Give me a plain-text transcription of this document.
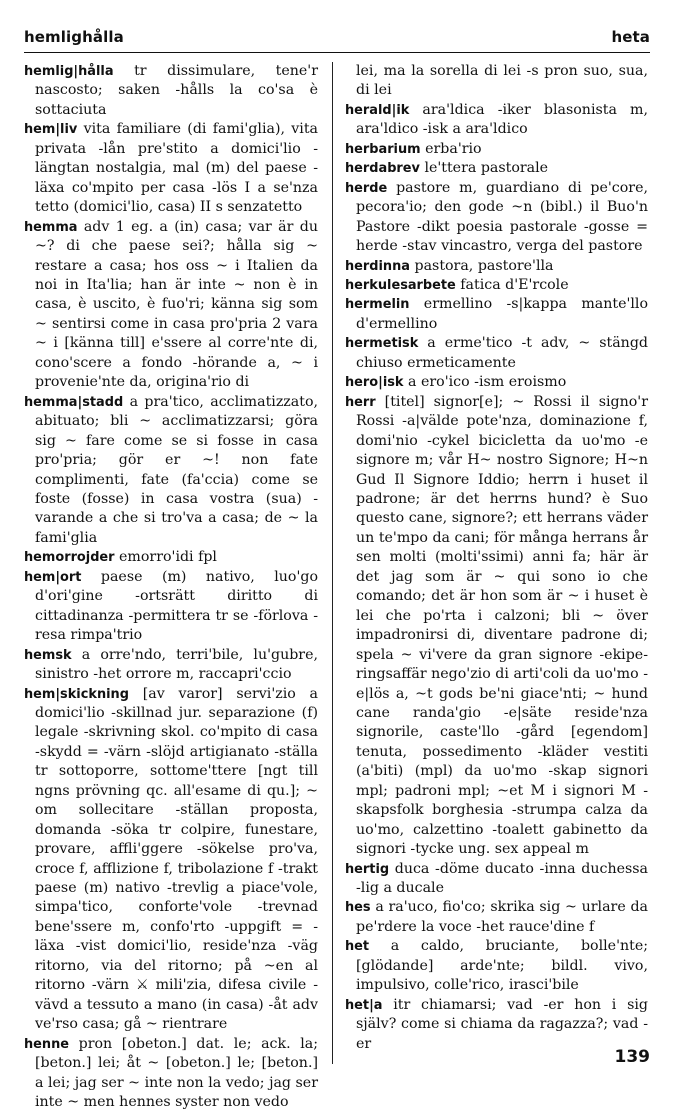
hemlighålla	heta

hemlig|hålla tr dissimulare, tene'r nascosto; saken -hålls la co'sa è sottaciuta

hem|liv vita familiare (di fami'glia), vita privata -lån pre'stito a domici'lio -längtan nostalgia, mal (m) del paese -läxa co'mpito per casa -lös I a se'nza tetto (domici'lio, casa) II s senzatetto

hemma adv 1 eg. a (in) casa; var är du ~? di che paese sei?; hålla sig ~ restare a casa; hos oss ~ i Italien da noi in Ita'lia; han är inte ~ non è in casa, è uscito, è fuo'ri; känna sig som ~ sentirsi come in casa pro'pria 2 vara ~ i [känna till] e'ssere al corre'nte di, cono'scere a fondo -hörande a, ~ i provenie'nte da, origina'rio di

hemma|stadd a pra'tico, acclimatizzato, abituato; bli ~ acclimatizzarsi; göra sig ~ fare come se si fosse in casa pro'pria; gör er ~! non fate complimenti, fate (fa'ccia) come se foste (fosse) in casa vostra (sua) -varande a che si tro'va a casa; de ~ la fami'glia

hemorrojder emorro'idi fpl

hem|ort paese (m) nativo, luo'go d'ori'gine -ortsrätt diritto di cittadinanza -permittera tr se -förlova -resa rimpa'trio

hemsk a orre'ndo, terri'bile, lu'gubre, sinistro -het orrore m, raccapri'ccio

hem|skickning [av varor] servi'zio a domici'lio -skillnad jur. separazione (f) legale -skrivning skol. co'mpito di casa -skydd = -värn -slöjd artigianato -ställa tr sottoporre, sottome'ttere [ngt till ngns prövning qc. all'esame di qu.]; ~ om sollecitare -ställan proposta, domanda -söka tr colpire, funestare, provare, affli'ggere -sökelse pro'va, croce f, afflizione f, tribolazione f -trakt paese (m) nativo -trevlig a piace'vole, simpa'tico, conforte'vole -trevnad bene'ssere m, confo'rto -uppgift = -läxa -vist domici'lio, reside'nza -väg ritorno, via del ritorno; på ~en al ritorno -värn ⚔ mili'zia, difesa civile -vävd a tessuto a mano (in casa) -åt adv ve'rso casa; gå ~ rientrare

henne pron [obeton.] dat. le; ack. la; [beton.] lei; åt ~ [obeton.] le; [beton.] a lei; jag ser ~ inte non la vedo; jag ser inte ~ men hennes syster non vedo

lei, ma la sorella di lei -s pron suo, sua, di lei

herald|ik ara'ldica -iker blasonista m, ara'ldico -isk a ara'ldico

herbarium erba'rio

herdabrev le'ttera pastorale

herde pastore m, guardiano di pe'core, pecora'io; den gode ~n (bibl.) il Buo'n Pastore -dikt poesia pastorale -gosse = herde -stav vincastro, verga del pastore

herdinna pastora, pastore'lla

herkulesarbete fatica d'E'rcole

hermelin ermellino -s|kappa mante'llo d'ermellino

hermetisk a erme'tico -t adv, ~ stängd chiuso ermeticamente

hero|isk a ero'ico -ism eroismo

herr [titel] signor[e]; ~ Rossi il signo'r Rossi -a|välde pote'nza, dominazione f, domi'nio -cykel bicicletta da uo'mo -e signore m; vår H~ nostro Signore; H~n Gud Il Signore Iddio; herrn i huset il padrone; är det herrns hund? è Suo questo cane, signore?; ett herrans väder un te'mpo da cani; för många herrans år sen molti (molti'ssimi) anni fa; här är det jag som är ~ qui sono io che comando; det är hon som är ~ i huset è lei che po'rta i calzoni; bli ~ över impadronirsi di, diventare padrone di; spela ~ vi'vere da gran signore -ekipe-ringsaffär nego'zio di arti'coli da uo'mo -e|lös a, ~t gods be'ni giace'nti; ~ hund cane randa'gio -e|säte reside'nza signorile, caste'llo -gård [egendom] tenuta, possedimento -kläder vestiti (a'biti) (mpl) da uo'mo -skap signori mpl; padroni mpl; ~et M i signori M -skapsfolk borghesia -strumpa calza da uo'mo, calzettino -toalett gabinetto da signori -tycke ung. sex appeal m

hertig duca -döme ducato -inna duchessa -lig a ducale

hes a ra'uco, fio'co; skrika sig ~ urlare da pe'rdere la voce -het rauce'dine f

het a caldo, bruciante, bolle'nte; [glödande] arde'nte; bildl. vivo, impulsivo, colle'rico, irasci'bile

het|a itr chiamarsi; vad -er hon i sig själv? come si chiama da ragazza?; vad -er

139
